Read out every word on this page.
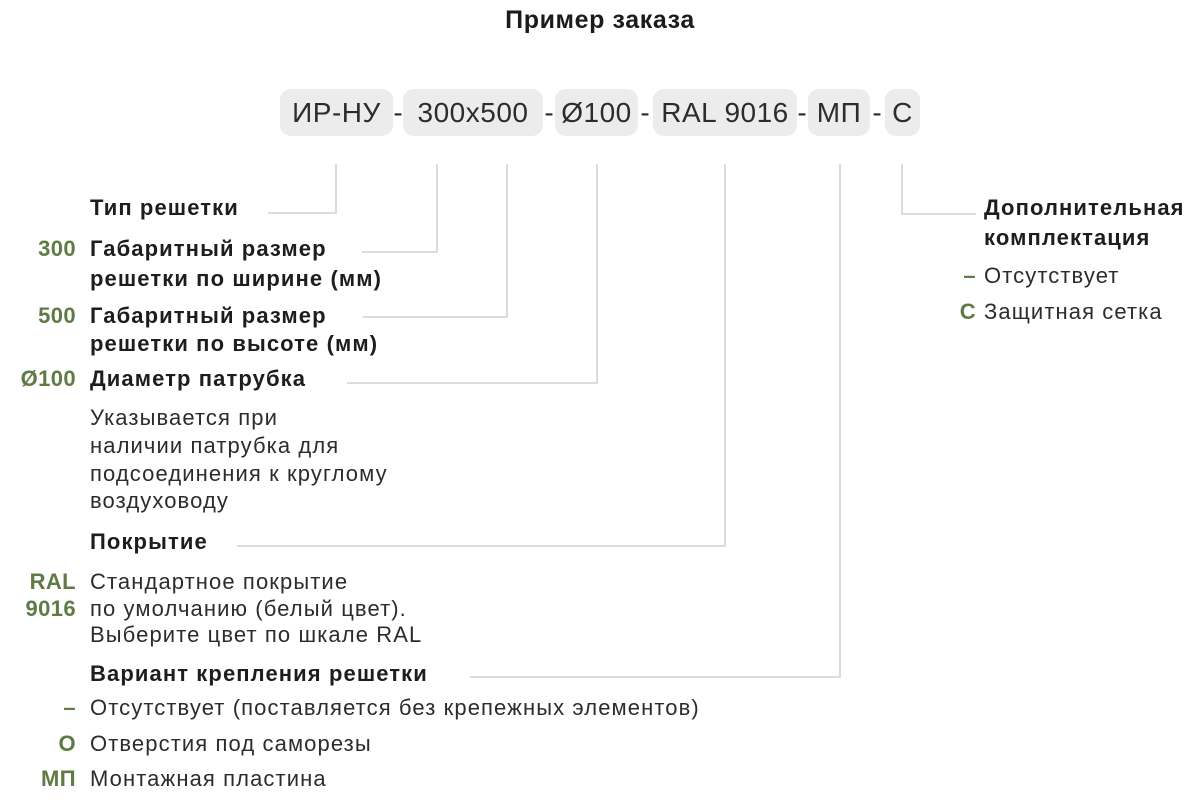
Пример заказа
ИР-НУ - 300х500 - Ø100 - RAL 9016 - МП - С
Тип решетки
300 Габаритный размер
решетки по ширине (мм)
500 Габаритный размер
решетки по высоте (мм)
Ø100 Диаметр патрубка
Указывается при
наличии патрубка для
подсоединения к круглому
воздуховоду
Покрытие
RAL
9016
Стандартное покрытие
по умолчанию (белый цвет).
Выберите цвет по шкале RAL
Вариант крепления решетки
– Отсутствует (поставляется без крепежных элементов)
О Отверстия под саморезы
МП Монтажная пластина
Дополнительная
комплектация
– Отсутствует
С Защитная сетка
